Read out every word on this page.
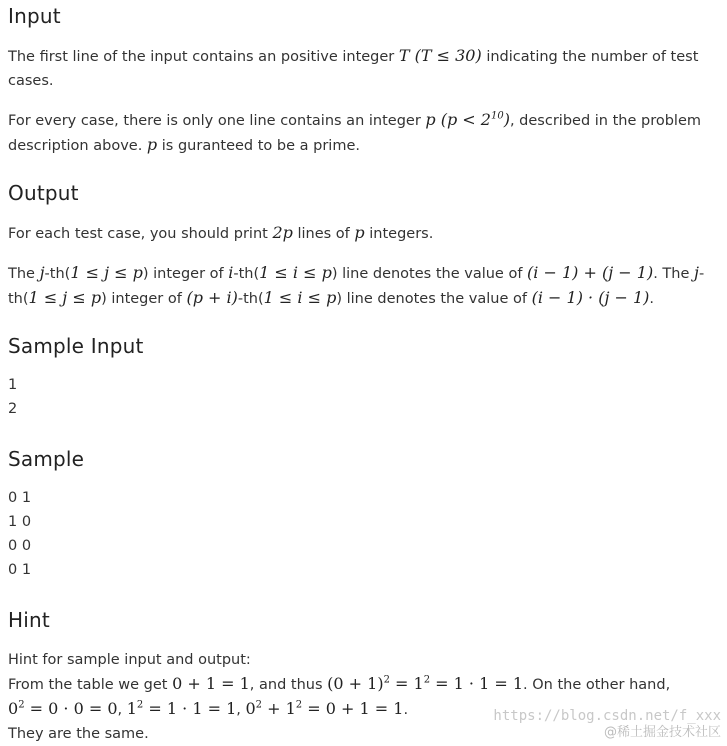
Input

The first line of the input contains an positive integer T (T ≤ 30) indicating the number of test cases.

For every case, there is only one line contains an integer p $(p < 2^{10})$, described in the problem description above. p is guranteed to be a prime.

Output

For each test case, you should print 2p lines of p integers.

The j-th(1 ≤ j ≤ p) integer of i-th(1 ≤ i ≤ p) line denotes the value of (i − 1) + (j − 1). The j-th(1 ≤ j ≤ p) integer of (p + i)-th(1 ≤ i ≤ p) line denotes the value of (i − 1) · (j − 1).

Sample Input
1
2
Sample
0 1
1 0
0 0
0 1
Hint
Hint for sample input and output:
From the table we get 0 + 1 = 1, and thus $(0 + 1)^2 = 1^2 = 1 \cdot 1 = 1$. On the other hand,
$0^2 = 0 \cdot 0 = 0$, $1^2 = 1 \cdot 1 = 1$, $0^2 + 1^2 = 0 + 1 = 1$.
They are the same.
https://blog.csdn.net/f_xxx
@稀土掘金技术社区
